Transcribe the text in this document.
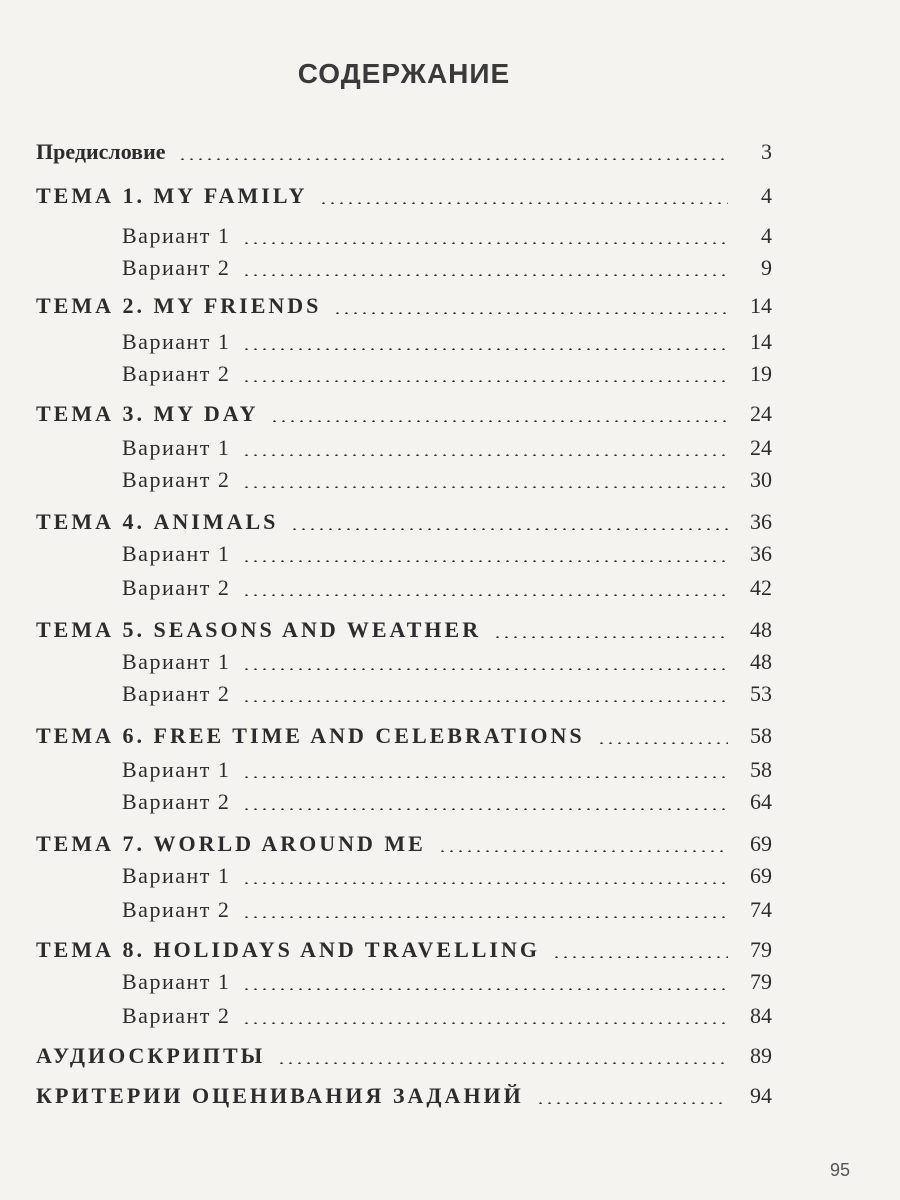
СОДЕРЖАНИЕ
Предисловие	3
ТЕМА 1. MY FAMILY	4
Вариант 1	4
Вариант 2	9
ТЕМА 2. MY FRIENDS	14
Вариант 1	14
Вариант 2	19
ТЕМА 3. MY DAY	24
Вариант 1	24
Вариант 2	30
ТЕМА 4. ANIMALS	36
Вариант 1	36
Вариант 2	42
ТЕМА 5. SEASONS AND WEATHER	48
Вариант 1	48
Вариант 2	53
ТЕМА 6. FREE TIME AND CELEBRATIONS	58
Вариант 1	58
Вариант 2	64
ТЕМА 7. WORLD AROUND ME	69
Вариант 1	69
Вариант 2	74
ТЕМА 8. HOLIDAYS AND TRAVELLING	79
Вариант 1	79
Вариант 2	84
АУДИОСКРИПТЫ	89
КРИТЕРИИ ОЦЕНИВАНИЯ ЗАДАНИЙ	94
95
